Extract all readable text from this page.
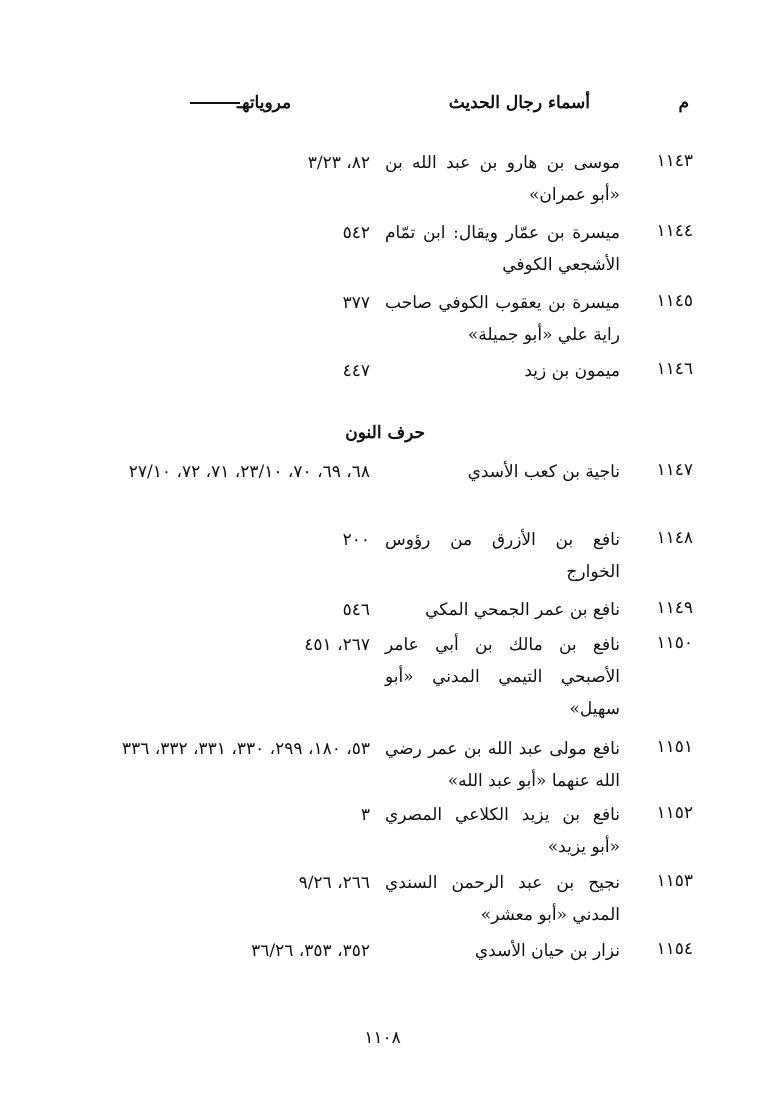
م
أسماء رجال الحديث
مروياتهـ
١١٤٣
موسى بن هارو بن عبد الله بن «أبو عمران»
٨٢، ٣/٢٣
١١٤٤
ميسرة بن عمّار ويقال: ابن تمّام الأشجعي الكوفي
٥٤٢
١١٤٥
ميسرة بن يعقوب الكوفي صاحب راية علي «أبو جميلة»
٣٧٧
١١٤٦
ميمون بن زيد
٤٤٧
حرف النون
١١٤٧
ناجية بن كعب الأسدي
٦٨، ٦٩، ٧٠، ٢٣/١٠، ٧١، ٧٢، ٢٧/١٠
١١٤٨
نافع بن الأزرق من رؤوس الخوارج
٢٠٠
١١٤٩
نافع بن عمر الجمحي المكي
٥٤٦
١١٥٠
نافع بن مالك بن أبي عامر الأصبحي التيمي المدني «أبو سهيل»
٢٦٧، ٤٥١
١١٥١
نافع مولى عبد الله بن عمر رضي الله عنهما «أبو عبد الله»
٥٣، ١٨٠، ٢٩٩، ٣٣٠، ٣٣١، ٣٣٢، ٣٣٦
١١٥٢
نافع بن يزيد الكلاعي المصري «أبو يزيد»
٣
١١٥٣
نجيح بن عبد الرحمن السندي المدني «أبو معشر»
٢٦٦، ٩/٢٦
١١٥٤
نزار بن حيان الأسدي
٣٥٢، ٣٥٣، ٣٦/٢٦
١١٠٨
